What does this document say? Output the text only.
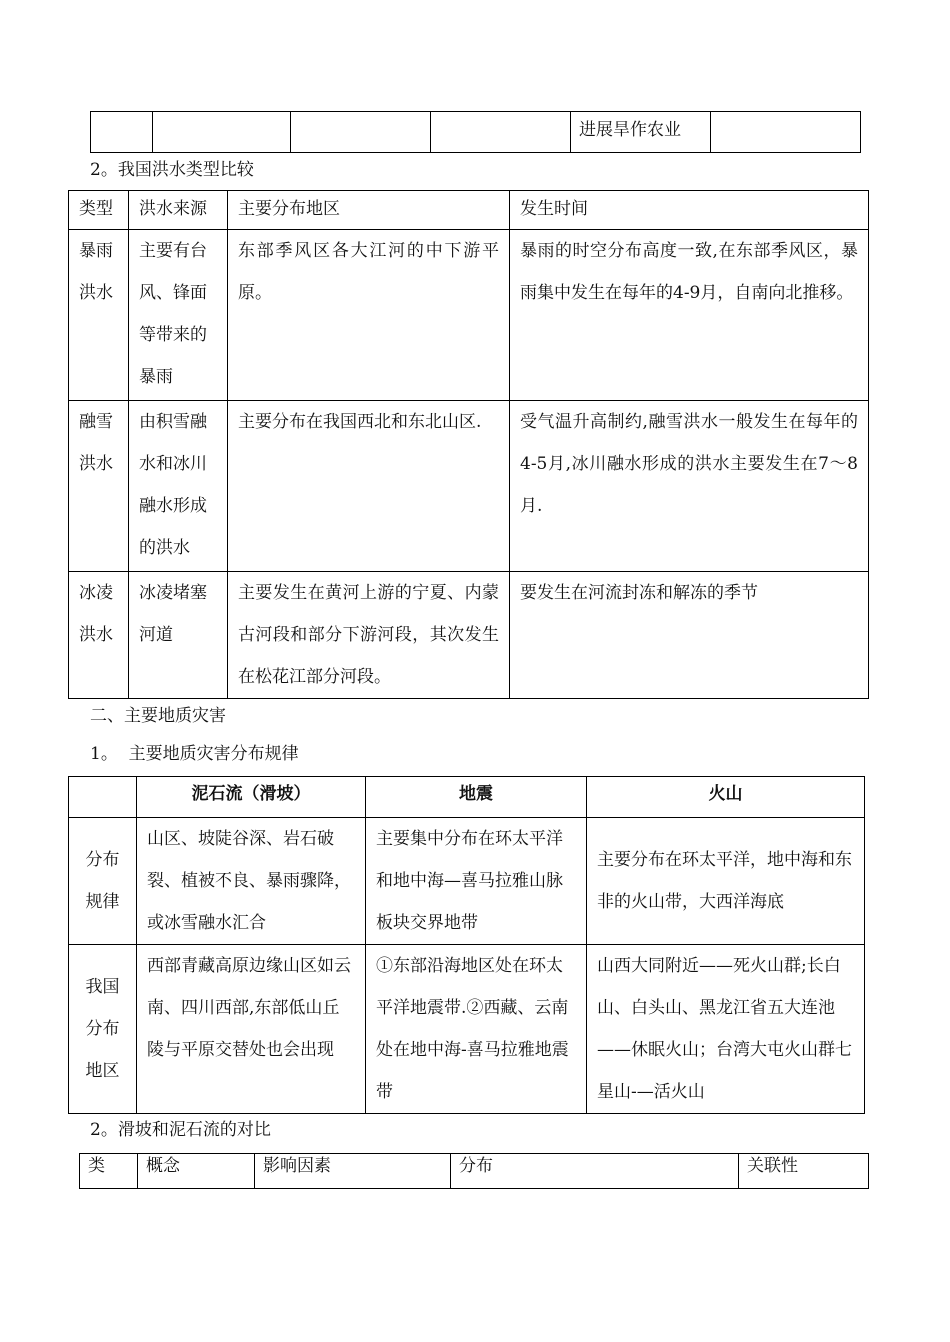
				进展旱作农业	
2。我国洪水类型比较
类型	洪水来源	主要分布地区	发生时间
暴雨洪水	主要有台风、锋面等带来的暴雨	东部季风区各大江河的中下游平原。	暴雨的时空分布高度一致,在东部季风区，暴雨集中发生在每年的4-9月，自南向北推移。
融雪洪水	由积雪融水和冰川融水形成的洪水	主要分布在我国西北和东北山区.	受气温升高制约,融雪洪水一般发生在每年的4-5月,冰川融水形成的洪水主要发生在7～8月.
冰凌洪水	冰凌堵塞河道	主要发生在黄河上游的宁夏、内蒙古河段和部分下游河段，其次发生在松花江部分河段。	要发生在河流封冻和解冻的季节
二、主要地质灾害
1。  主要地质灾害分布规律
	泥石流（滑坡）	地震	火山
分布规律	山区、坡陡谷深、岩石破裂、植被不良、暴雨骤降，或冰雪融水汇合	主要集中分布在环太平洋和地中海—喜马拉雅山脉板块交界地带	主要分布在环太平洋，地中海和东非的火山带，大西洋海底
我国分布地区	西部青藏高原边缘山区如云南、四川西部,东部低山丘陵与平原交替处也会出现	①东部沿海地区处在环太平洋地震带.②西藏、云南处在地中海-喜马拉雅地震带	山西大同附近——死火山群;长白山、白头山、黑龙江省五大连池——休眠火山；台湾大屯火山群七星山-—活火山
2。滑坡和泥石流的对比
类	概念	影响因素	分布	关联性
